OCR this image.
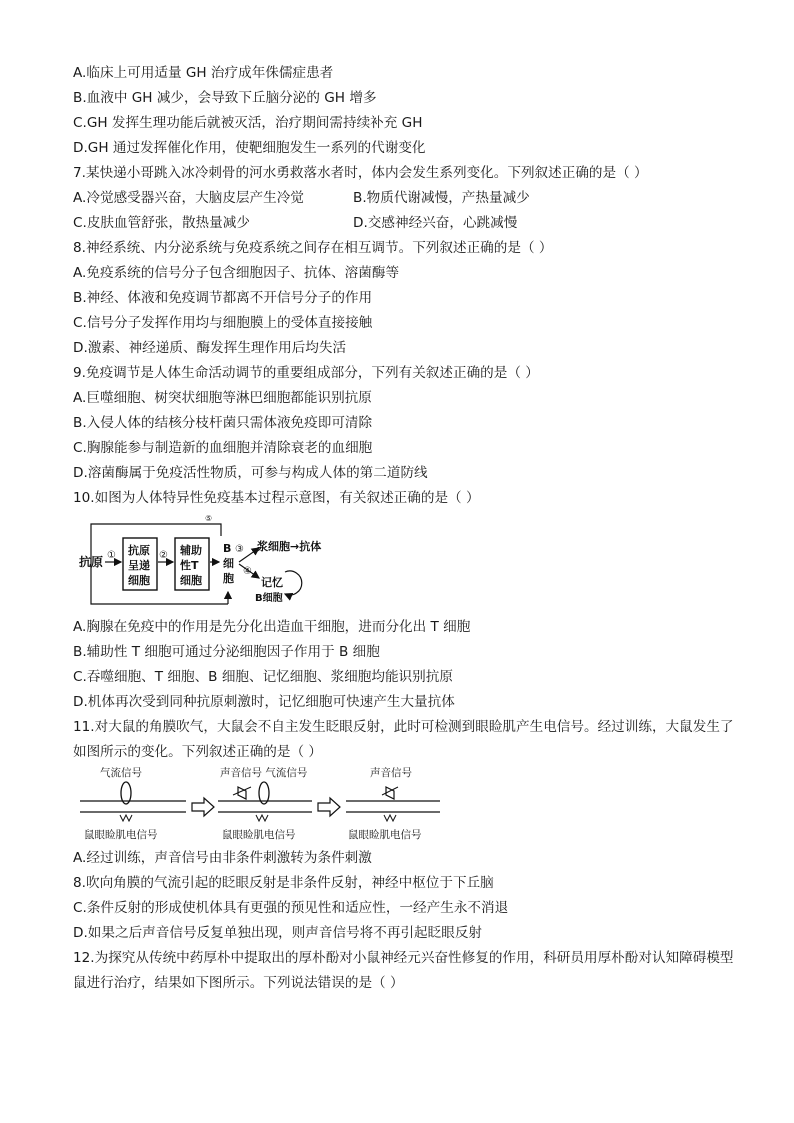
A.临床上可用适量 GH 治疗成年侏儒症患者
B.血液中 GH 减少，会导致下丘脑分泌的 GH 增多
C.GH 发挥生理功能后就被灭活，治疗期间需持续补充 GH
D.GH 通过发挥催化作用，使靶细胞发生一系列的代谢变化
7.某快递小哥跳入冰冷刺骨的河水勇救落水者时，体内会发生系列变化。下列叙述正确的是（ ）
A.冷觉感受器兴奋，大脑皮层产生冷觉	B.物质代谢减慢，产热量减少
C.皮肤血管舒张，散热量减少	D.交感神经兴奋，心跳减慢
8.神经系统、内分泌系统与免疫系统之间存在相互调节。下列叙述正确的是（ ）
A.免疫系统的信号分子包含细胞因子、抗体、溶菌酶等
B.神经、体液和免疫调节都离不开信号分子的作用
C.信号分子发挥作用均与细胞膜上的受体直接接触
D.激素、神经递质、酶发挥生理作用后均失活
9.免疫调节是人体生命活动调节的重要组成部分，下列有关叙述正确的是（ ）
A.巨噬细胞、树突状细胞等淋巴细胞都能识别抗原
B.入侵人体的结核分枝杆菌只需体液免疫即可清除
C.胸腺能参与制造新的血细胞并清除衰老的血细胞
D.溶菌酶属于免疫活性物质，可参与构成人体的第二道防线
10.如图为人体特异性免疫基本过程示意图，有关叙述正确的是（ ）
抗原 ① 抗原
呈递
细胞
② 辅助
性T
细胞
B
细
胞
③
④
浆细胞→抗体
记忆
B细胞
⑤
A.胸腺在免疫中的作用是先分化出造血干细胞，进而分化出 T 细胞
B.辅助性 T 细胞可通过分泌细胞因子作用于 B 细胞
C.吞噬细胞、T 细胞、B 细胞、记忆细胞、浆细胞均能识别抗原
D.机体再次受到同种抗原刺激时，记忆细胞可快速产生大量抗体
11.对大鼠的角膜吹气，大鼠会不自主发生眨眼反射，此时可检测到眼睑肌产生电信号。经过训练，大鼠发生了如图所示的变化。下列叙述正确的是（ ）
气流信号
鼠眼睑肌电信号
声音信号 气流信号
鼠眼睑肌电信号
声音信号
鼠眼睑肌电信号
A.经过训练，声音信号由非条件刺激转为条件刺激
8.吹向角膜的气流引起的眨眼反射是非条件反射，神经中枢位于下丘脑
C.条件反射的形成使机体具有更强的预见性和适应性，一经产生永不消退
D.如果之后声音信号反复单独出现，则声音信号将不再引起眨眼反射
12.为探究从传统中药厚朴中提取出的厚朴酚对小鼠神经元兴奋性修复的作用，科研员用厚朴酚对认知障碍模型鼠进行治疗，结果如下图所示。下列说法错误的是（ ）
